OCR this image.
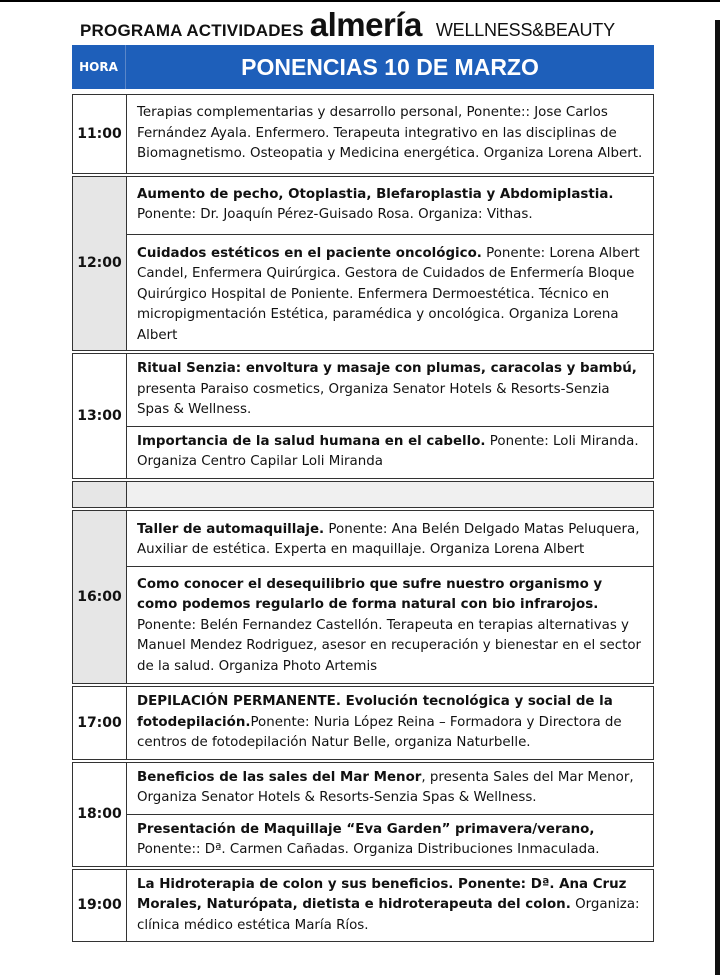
PROGRAMA ACTIVIDADES almería WELLNESS&BEAUTY
HORA	PONENCIAS 10 DE MARZO
11:00
Terapias complementarias y desarrollo personal, Ponente:: Jose Carlos Fernández Ayala. Enfermero. Terapeuta integrativo en las disciplinas de Biomagnetismo. Osteopatia y Medicina energética. Organiza Lorena Albert.
12:00
Aumento de pecho, Otoplastia, Blefaroplastia y Abdomiplastia. Ponente: Dr. Joaquín Pérez-Guisado Rosa. Organiza: Vithas.
Cuidados estéticos en el paciente oncológico. Ponente: Lorena Albert Candel, Enfermera Quirúrgica. Gestora de Cuidados de Enfermería Bloque Quirúrgico Hospital de Poniente. Enfermera Dermoestética. Técnico en micropigmentación Estética, paramédica y oncológica. Organiza Lorena Albert
13:00
Ritual Senzia: envoltura y masaje con plumas, caracolas y bambú, presenta Paraiso cosmetics, Organiza Senator Hotels & Resorts-Senzia Spas & Wellness.
Importancia de la salud humana en el cabello. Ponente: Loli Miranda. Organiza Centro Capilar Loli Miranda
16:00
Taller de automaquillaje. Ponente: Ana Belén Delgado Matas Peluquera, Auxiliar de estética. Experta en maquillaje. Organiza Lorena Albert
Como conocer el desequilibrio que sufre nuestro organismo y como podemos regularlo de forma natural con bio infrarojos. Ponente: Belén Fernandez Castellón. Terapeuta en terapias alternativas y Manuel Mendez Rodriguez, asesor en recuperación y bienestar en el sector de la salud. Organiza Photo Artemis
17:00
DEPILACIÓN PERMANENTE. Evolución tecnológica y social de la fotodepilación.Ponente: Nuria López Reina – Formadora y Directora de centros de fotodepilación Natur Belle, organiza Naturbelle.
18:00
Beneficios de las sales del Mar Menor, presenta Sales del Mar Menor, Organiza Senator Hotels & Resorts-Senzia Spas & Wellness.
Presentación de Maquillaje “Eva Garden” primavera/verano, Ponente:: Dª. Carmen Cañadas. Organiza Distribuciones Inmaculada.
19:00
La Hidroterapia de colon y sus beneficios. Ponente: Dª. Ana Cruz Morales, Naturópata, dietista e hidroterapeuta del colon. Organiza: clínica médico estética María Ríos.
